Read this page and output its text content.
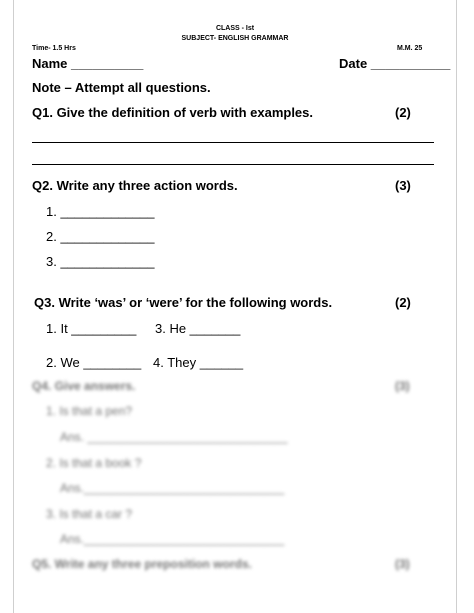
CLASS - Ist
SUBJECT- ENGLISH GRAMMAR
Time- 1.5 Hrs	M.M. 25
Name __________	Date ___________
Note – Attempt all questions.
Q1. Give the definition of verb with examples.	(2)
Q2. Write any three action words.	(3)
1. _____________
2. _____________
3. _____________
Q3. Write ‘was’ or ‘were’ for the following words.	(2)
1. It _________ 3. He _______
2. We ________ 4. They ______
Q4. Give answers.	(3)
1. Is that a pen?
Ans. ______________________________
2. Is that a book ?
Ans.______________________________
3. Is that a car ?
Ans.______________________________
Q5. Write any three preposition words.	(3)
